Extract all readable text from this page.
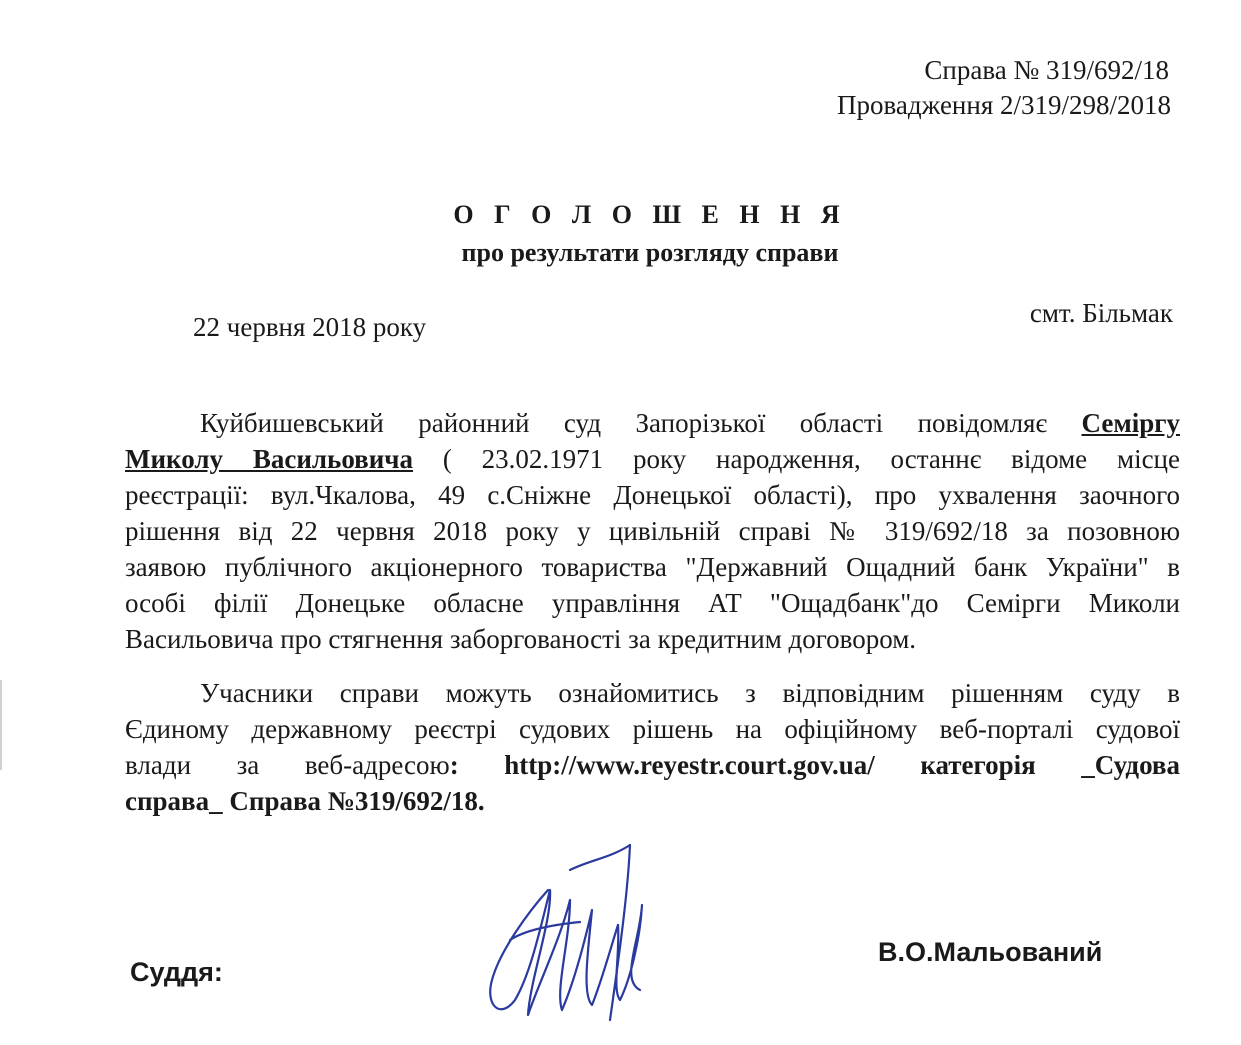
Справа № 319/692/18
Провадження 2/319/298/2018
О Г О Л О Ш Е Н Н Я
про результати розгляду справи
22 червня 2018 року	смт. Більмак
Куйбишевський районний суд Запорізької області повідомляє Семіргу
Миколу Васильовича ( 23.02.1971 року народження, останнє відоме місце
реєстрації: вул.Чкалова, 49 с.Сніжне Донецької області), про ухвалення заочного
рішення від 22 червня 2018 року у цивільній справі № 319/692/18 за позовною
заявою публічного акціонерного товариства "Державний Ощадний банк України" в
особі філії Донецьке обласне управління АТ "Ощадбанк"до Семірги Миколи
Васильовича про стягнення заборгованості за кредитним договором.
Учасники справи можуть ознайомитись з відповідним рішенням суду в
Єдиному державному реєстрі судових рішень на офіційному веб-порталі судової
влади за веб-адресою: http://www.reyestr.court.gov.ua/ категорія _Судова
справа_ Справа №319/692/18.
Суддя:
В.О.Мальований
